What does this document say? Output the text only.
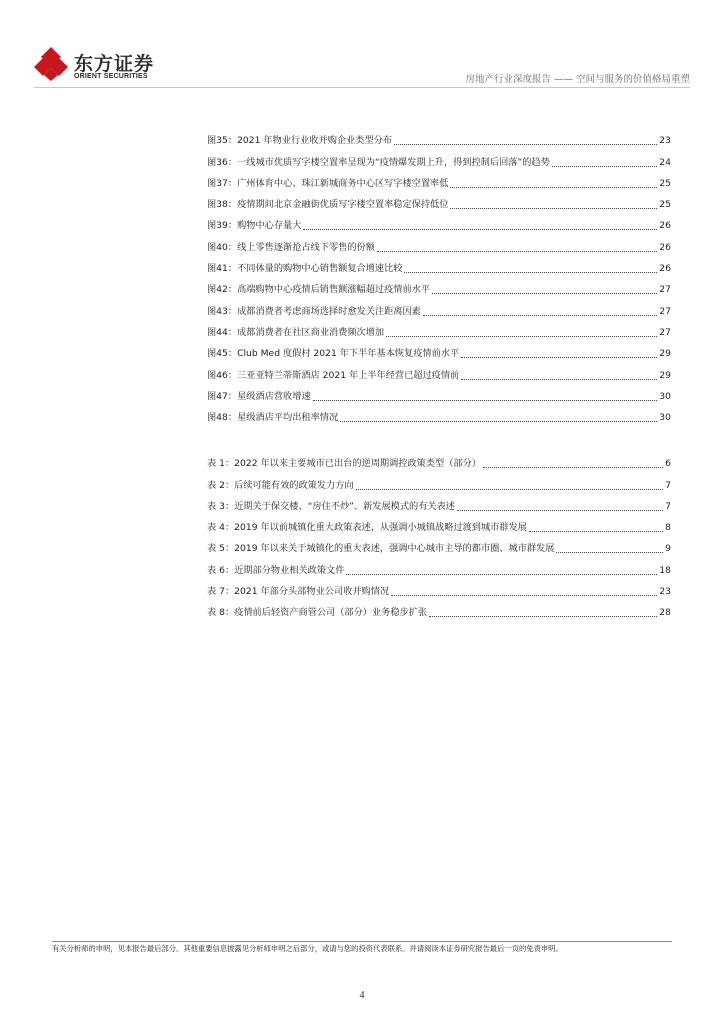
东方证券
ORIENT SECURITIES	房地产行业深度报告 —— 空间与服务的价值格局重塑
图35： 2021 年物业行业收并购企业类型分布	23
图36： 一线城市优质写字楼空置率呈现为“疫情爆发期上升，得到控制后回落”的趋势	24
图37： 广州体育中心、珠江新城商务中心区写字楼空置率低	25
图38： 疫情期间北京金融街优质写字楼空置率稳定保持低位	25
图39： 购物中心存量大	26
图40： 线上零售逐渐抢占线下零售的份额	26
图41： 不同体量的购物中心销售额复合增速比较	26
图42： 高端购物中心疫情后销售额涨幅超过疫情前水平	27
图43： 成都消费者考虑商场选择时愈发关注距离因素	27
图44： 成都消费者在社区商业消费频次增加	27
图45： Club Med 度假村 2021 年下半年基本恢复疫情前水平	29
图46： 三亚亚特兰蒂斯酒店 2021 年上半年经营已超过疫情前	29
图47： 星级酒店营收增速	30
图48： 星级酒店平均出租率情况	30
表 1： 2022 年以来主要城市已出台的逆周期调控政策类型（部分）	6
表 2： 后续可能有效的政策发力方向	7
表 3： 近期关于保交楼、“房住不炒”、新发展模式的有关表述	7
表 4： 2019 年以前城镇化重大政策表述，从强调小城镇战略过渡到城市群发展	8
表 5： 2019 年以来关于城镇化的重大表述，强调中心城市主导的都市圈、城市群发展	9
表 6： 近期部分物业相关政策文件	18
表 7： 2021 年部分头部物业公司收并购情况	23
表 8： 疫情前后轻资产商管公司（部分）业务稳步扩张	28
有关分析师的申明，见本报告最后部分。其他重要信息披露见分析师申明之后部分，或请与您的投资代表联系。并请阅读本证券研究报告最后一页的免责申明。
4
